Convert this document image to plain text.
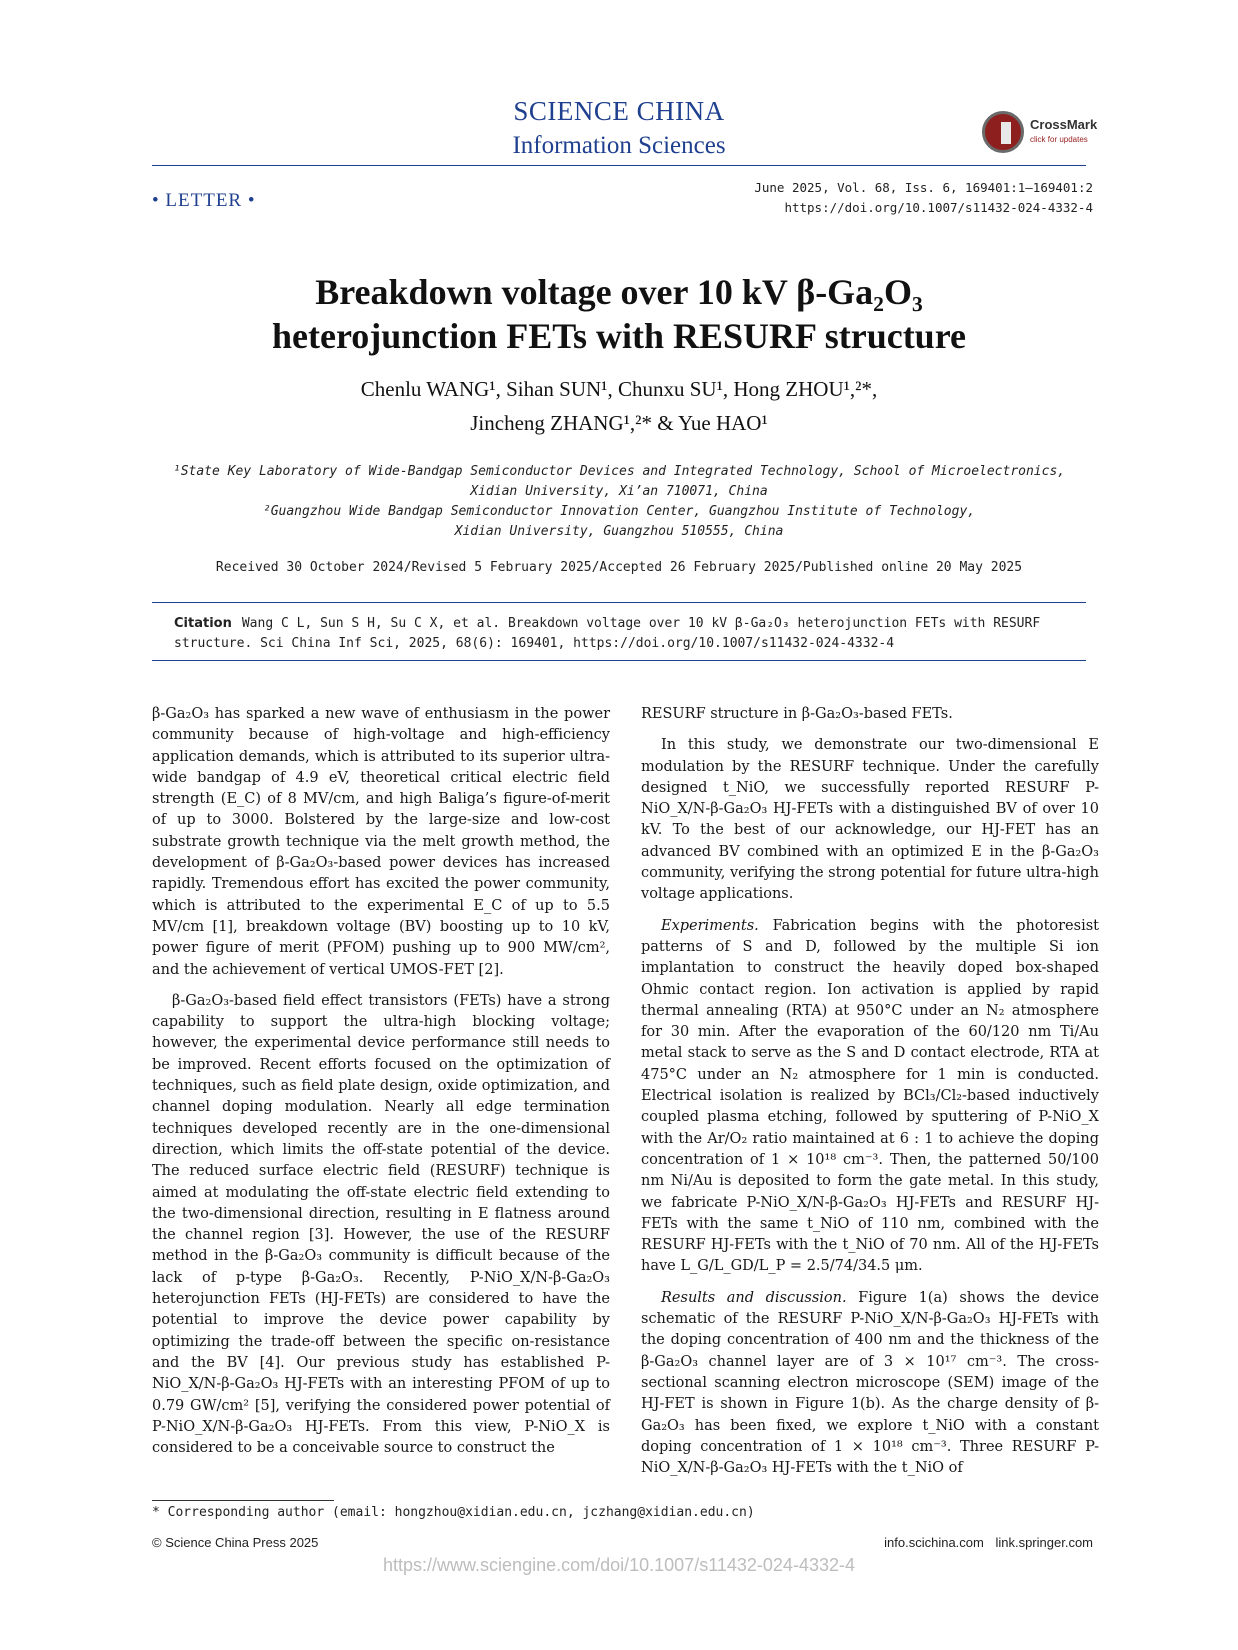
SCIENCE CHINA
Information Sciences
CrossMark
click for updates
• LETTER •
June 2025, Vol. 68, Iss. 6, 169401:1–169401:2
https://doi.org/10.1007/s11432-024-4332-4
Breakdown voltage over 10 kV β-Ga₂O₃
heterojunction FETs with RESURF structure
Chenlu WANG¹, Sihan SUN¹, Chunxu SU¹, Hong ZHOU¹,²*,
Jincheng ZHANG¹,²* & Yue HAO¹
¹State Key Laboratory of Wide-Bandgap Semiconductor Devices and Integrated Technology, School of Microelectronics,
Xidian University, Xi’an 710071, China
²Guangzhou Wide Bandgap Semiconductor Innovation Center, Guangzhou Institute of Technology,
Xidian University, Guangzhou 510555, China
Received 30 October 2024/Revised 5 February 2025/Accepted 26 February 2025/Published online 20 May 2025
Citation Wang C L, Sun S H, Su C X, et al. Breakdown voltage over 10 kV β-Ga₂O₃ heterojunction FETs with RESURF structure. Sci China Inf Sci, 2025, 68(6): 169401, https://doi.org/10.1007/s11432-024-4332-4

β-Ga₂O₃ has sparked a new wave of enthusiasm in the power community because of high-voltage and high-efficiency application demands, which is attributed to its superior ultra-wide bandgap of 4.9 eV, theoretical critical electric field strength (E_C) of 8 MV/cm, and high Baliga’s figure-of-merit of up to 3000. Bolstered by the large-size and low-cost substrate growth technique via the melt growth method, the development of β-Ga₂O₃-based power devices has increased rapidly. Tremendous effort has excited the power community, which is attributed to the experimental E_C of up to 5.5 MV/cm [1], breakdown voltage (BV) boosting up to 10 kV, power figure of merit (PFOM) pushing up to 900 MW/cm², and the achievement of vertical UMOS-FET [2].

β-Ga₂O₃-based field effect transistors (FETs) have a strong capability to support the ultra-high blocking voltage; however, the experimental device performance still needs to be improved. Recent efforts focused on the optimization of techniques, such as field plate design, oxide optimization, and channel doping modulation. Nearly all edge termination techniques developed recently are in the one-dimensional direction, which limits the off-state potential of the device. The reduced surface electric field (RESURF) technique is aimed at modulating the off-state electric field extending to the two-dimensional direction, resulting in E flatness around the channel region [3]. However, the use of the RESURF method in the β-Ga₂O₃ community is difficult because of the lack of p-type β-Ga₂O₃. Recently, P-NiO_X/N-β-Ga₂O₃ heterojunction FETs (HJ-FETs) are considered to have the potential to improve the device power capability by optimizing the trade-off between the specific on-resistance and the BV [4]. Our previous study has established P-NiO_X/N-β-Ga₂O₃ HJ-FETs with an interesting PFOM of up to 0.79 GW/cm² [5], verifying the considered power potential of P-NiO_X/N-β-Ga₂O₃ HJ-FETs. From this view, P-NiO_X is considered to be a conceivable source to construct the

RESURF structure in β-Ga₂O₃-based FETs.

In this study, we demonstrate our two-dimensional E modulation by the RESURF technique. Under the carefully designed t_NiO, we successfully reported RESURF P-NiO_X/N-β-Ga₂O₃ HJ-FETs with a distinguished BV of over 10 kV. To the best of our acknowledge, our HJ-FET has an advanced BV combined with an optimized E in the β-Ga₂O₃ community, verifying the strong potential for future ultra-high voltage applications.

Experiments. Fabrication begins with the photoresist patterns of S and D, followed by the multiple Si ion implantation to construct the heavily doped box-shaped Ohmic contact region. Ion activation is applied by rapid thermal annealing (RTA) at 950°C under an N₂ atmosphere for 30 min. After the evaporation of the 60/120 nm Ti/Au metal stack to serve as the S and D contact electrode, RTA at 475°C under an N₂ atmosphere for 1 min is conducted. Electrical isolation is realized by BCl₃/Cl₂-based inductively coupled plasma etching, followed by sputtering of P-NiO_X with the Ar/O₂ ratio maintained at 6 : 1 to achieve the doping concentration of 1 × 10¹⁸ cm⁻³. Then, the patterned 50/100 nm Ni/Au is deposited to form the gate metal. In this study, we fabricate P-NiO_X/N-β-Ga₂O₃ HJ-FETs and RESURF HJ-FETs with the same t_NiO of 110 nm, combined with the RESURF HJ-FETs with the t_NiO of 70 nm. All of the HJ-FETs have L_G/L_GD/L_P = 2.5/74/34.5 μm.

Results and discussion. Figure 1(a) shows the device schematic of the RESURF P-NiO_X/N-β-Ga₂O₃ HJ-FETs with the doping concentration of 400 nm and the thickness of the β-Ga₂O₃ channel layer are of 3 × 10¹⁷ cm⁻³. The cross-sectional scanning electron microscope (SEM) image of the HJ-FET is shown in Figure 1(b). As the charge density of β-Ga₂O₃ has been fixed, we explore t_NiO with a constant doping concentration of 1 × 10¹⁸ cm⁻³. Three RESURF P-NiO_X/N-β-Ga₂O₃ HJ-FETs with the t_NiO of

* Corresponding author (email: hongzhou@xidian.edu.cn, jczhang@xidian.edu.cn)
© Science China Press 2025	info.scichina.com link.springer.com
https://www.sciengine.com/doi/10.1007/s11432-024-4332-4
